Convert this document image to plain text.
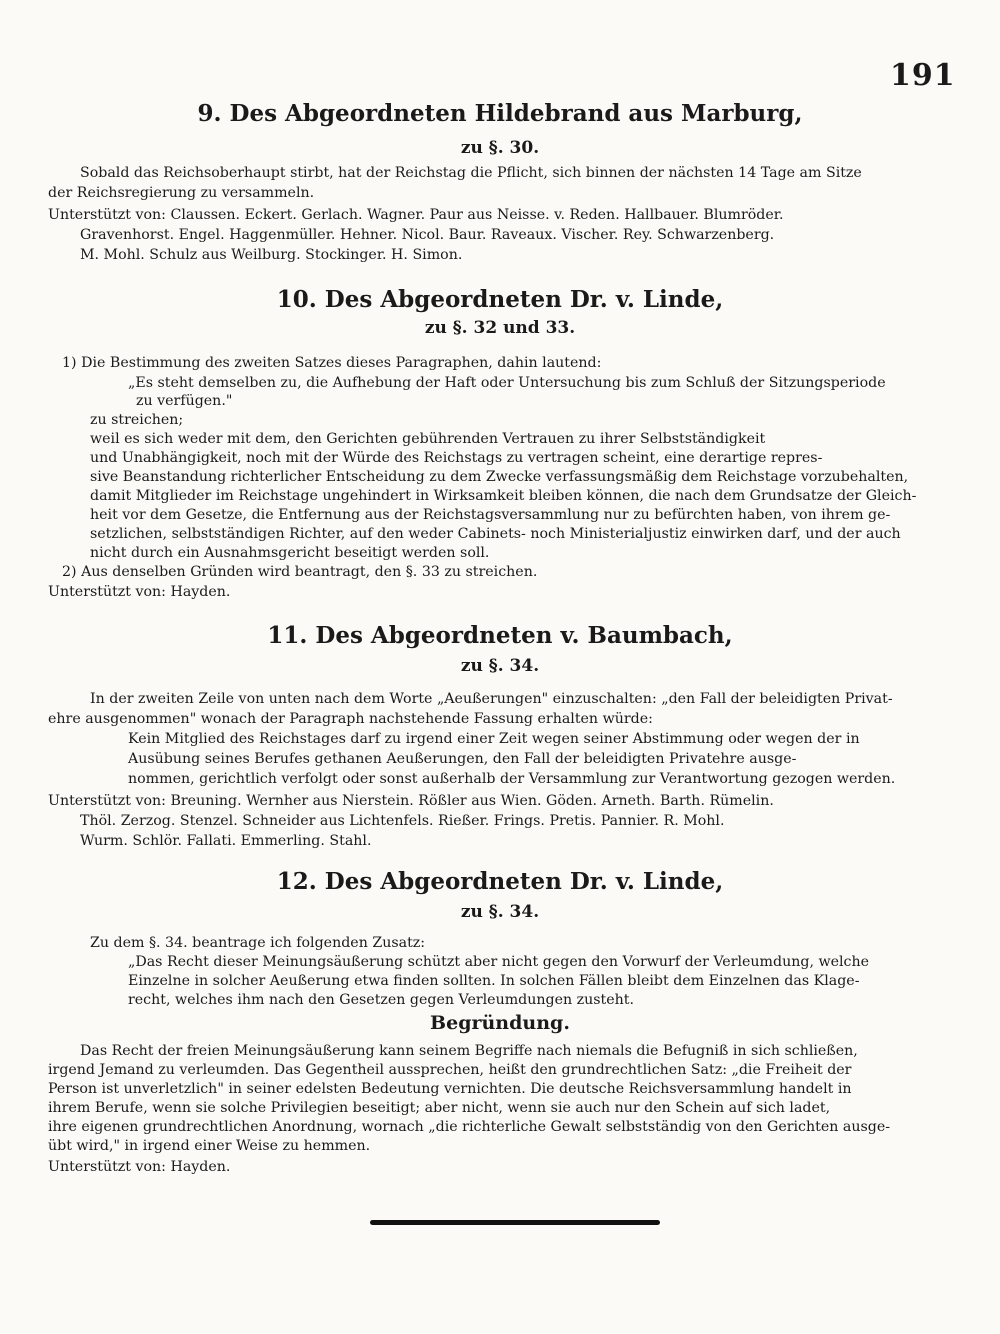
191
9. Des Abgeordneten Hildebrand aus Marburg,
zu §. 30.
Sobald das Reichsoberhaupt stirbt, hat der Reichstag die Pflicht, sich binnen der nächsten 14 Tage am Sitze
der Reichsregierung zu versammeln.
Unterstützt von: Claussen. Eckert. Gerlach. Wagner. Paur aus Neisse. v. Reden. Hallbauer. Blumröder.
Gravenhorst. Engel. Haggenmüller. Hehner. Nicol. Baur. Raveaux. Vischer. Rey. Schwarzenberg.
M. Mohl. Schulz aus Weilburg. Stockinger. H. Simon.
10. Des Abgeordneten Dr. v. Linde,
zu §. 32 und 33.
1) Die Bestimmung des zweiten Satzes dieses Paragraphen, dahin lautend:
„Es steht demselben zu, die Aufhebung der Haft oder Untersuchung bis zum Schluß der Sitzungsperiode
zu verfügen."
zu streichen;
weil es sich weder mit dem, den Gerichten gebührenden Vertrauen zu ihrer Selbstständigkeit
und Unabhängigkeit, noch mit der Würde des Reichstags zu vertragen scheint, eine derartige repres-
sive Beanstandung richterlicher Entscheidung zu dem Zwecke verfassungsmäßig dem Reichstage vorzubehalten,
damit Mitglieder im Reichstage ungehindert in Wirksamkeit bleiben können, die nach dem Grundsatze der Gleich-
heit vor dem Gesetze, die Entfernung aus der Reichstagsversammlung nur zu befürchten haben, von ihrem ge-
setzlichen, selbstständigen Richter, auf den weder Cabinets- noch Ministerialjustiz einwirken darf, und der auch
nicht durch ein Ausnahmsgericht beseitigt werden soll.
2) Aus denselben Gründen wird beantragt, den §. 33 zu streichen.
Unterstützt von: Hayden.
11. Des Abgeordneten v. Baumbach,
zu §. 34.
In der zweiten Zeile von unten nach dem Worte „Aeußerungen" einzuschalten: „den Fall der beleidigten Privat-
ehre ausgenommen" wonach der Paragraph nachstehende Fassung erhalten würde:
Kein Mitglied des Reichstages darf zu irgend einer Zeit wegen seiner Abstimmung oder wegen der in
Ausübung seines Berufes gethanen Aeußerungen, den Fall der beleidigten Privatehre ausge-
nommen, gerichtlich verfolgt oder sonst außerhalb der Versammlung zur Verantwortung gezogen werden.
Unterstützt von: Breuning. Wernher aus Nierstein. Rößler aus Wien. Göden. Arneth. Barth. Rümelin.
Thöl. Zerzog. Stenzel. Schneider aus Lichtenfels. Rießer. Frings. Pretis. Pannier. R. Mohl.
Wurm. Schlör. Fallati. Emmerling. Stahl.
12. Des Abgeordneten Dr. v. Linde,
zu §. 34.
Zu dem §. 34. beantrage ich folgenden Zusatz:
„Das Recht dieser Meinungsäußerung schützt aber nicht gegen den Vorwurf der Verleumdung, welche
Einzelne in solcher Aeußerung etwa finden sollten. In solchen Fällen bleibt dem Einzelnen das Klage-
recht, welches ihm nach den Gesetzen gegen Verleumdungen zusteht.
Begründung.
Das Recht der freien Meinungsäußerung kann seinem Begriffe nach niemals die Befugniß in sich schließen,
irgend Jemand zu verleumden. Das Gegentheil aussprechen, heißt den grundrechtlichen Satz: „die Freiheit der
Person ist unverletzlich" in seiner edelsten Bedeutung vernichten. Die deutsche Reichsversammlung handelt in
ihrem Berufe, wenn sie solche Privilegien beseitigt; aber nicht, wenn sie auch nur den Schein auf sich ladet,
ihre eigenen grundrechtlichen Anordnung, wornach „die richterliche Gewalt selbstständig von den Gerichten ausge-
übt wird," in irgend einer Weise zu hemmen.
Unterstützt von: Hayden.
